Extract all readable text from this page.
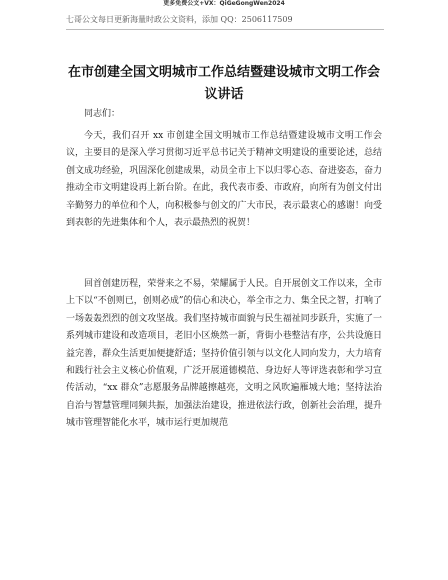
更多免费公文+VX：QiGeGongWen2024
七哥公文每日更新海量时政公文资料，添加 QQ：2506117509
在市创建全国文明城市工作总结暨建设城市文明工作会议讲话
同志们：
今天，我们召开 xx 市创建全国文明城市工作总结暨建设城市文明工作会议，主要目的是深入学习贯彻习近平总书记关于精神文明建设的重要论述，总结创文成功经验，巩固深化创建成果，动员全市上下以归零心态、奋进姿态，奋力推动全市文明建设再上新台阶。在此，我代表市委、市政府，向所有为创文付出辛勤努力的单位和个人，向积极参与创文的广大市民，表示最衷心的感谢！向受到表彰的先进集体和个人，表示最热烈的祝贺！
回首创建历程，荣誉来之不易，荣耀属于人民。自开展创文工作以来，全市上下以“不创则已，创则必成”的信心和决心，举全市之力、集全民之智，打响了一场轰轰烈烈的创文攻坚战。我们坚持城市面貌与民生福祉同步跃升，实施了一系列城市建设和改造项目，老旧小区焕然一新，背街小巷整洁有序，公共设施日益完善，群众生活更加便捷舒适；坚持价值引领与以文化人同向发力，大力培育和践行社会主义核心价值观，广泛开展道德模范、身边好人等评选表彰和学习宣传活动，“xx 群众”志愿服务品牌越擦越亮，文明之风吹遍雁城大地；坚持法治自治与智慧管理同频共振，加强法治建设，推进依法行政，创新社会治理，提升城市管理智能化水平，城市运行更加规范
